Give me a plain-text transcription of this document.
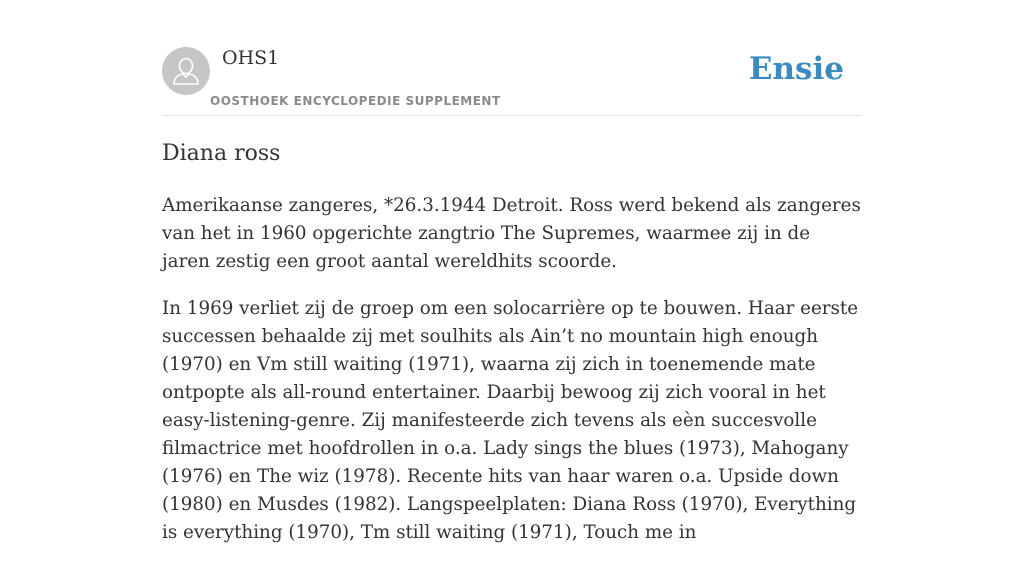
OHS1
OOSTHOEK ENCYCLOPEDIE SUPPLEMENT
Ensie
Diana ross

Amerikaanse zangeres, *26.3.1944 Detroit. Ross werd bekend als zangeres van het in 1960 opgerichte zangtrio The Supremes, waarmee zij in de jaren zestig een groot aantal wereldhits scoorde.

In 1969 verliet zij de groep om een solocarrière op te bouwen. Haar eerste successen behaalde zij met soulhits als Ain’t no mountain high enough (1970) en Vm still waiting (1971), waarna zij zich in toenemende mate ontpopte als all-round entertainer. Daarbij bewoog zij zich vooral in het easy-listening-genre. Zij manifesteerde zich tevens als eèn succesvolle filmactrice met hoofdrollen in o.a. Lady sings the blues (1973), Mahogany (1976) en The wiz (1978). Recente hits van haar waren o.a. Upside down (1980) en Musdes (1982). Langspeelplaten: Diana Ross (1970), Everything is everything (1970), Tm still waiting (1971), Touch me in
